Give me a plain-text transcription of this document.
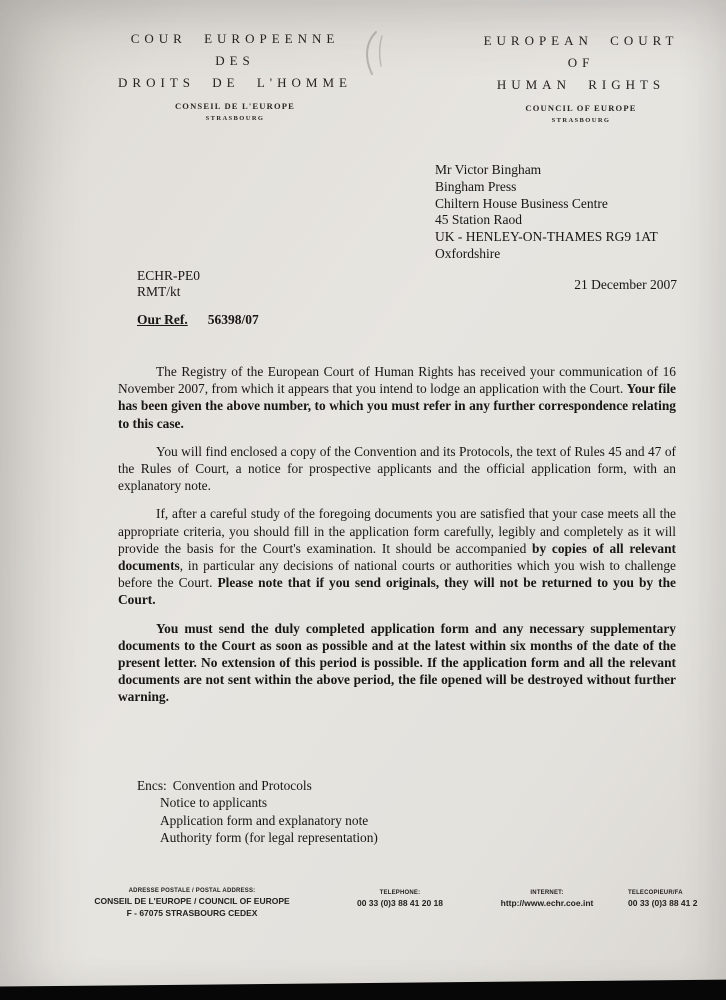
COUR EUROPEENNE
DES
DROITS DE L'HOMME
CONSEIL DE L'EUROPE
STRASBOURG
EUROPEAN COURT
OF
HUMAN RIGHTS
COUNCIL OF EUROPE
STRASBOURG
Mr Victor Bingham
Bingham Press
Chiltern House Business Centre
45 Station Raod
UK - HENLEY-ON-THAMES RG9 1AT
Oxfordshire
ECHR-PE0
RMT/kt	21 December 2007
Our Ref. 56398/07

The Registry of the European Court of Human Rights has received your communication of 16 November 2007, from which it appears that you intend to lodge an application with the Court. Your file has been given the above number, to which you must refer in any further correspondence relating to this case.

You will find enclosed a copy of the Convention and its Protocols, the text of Rules 45 and 47 of the Rules of Court, a notice for prospective applicants and the official application form, with an explanatory note.

If, after a careful study of the foregoing documents you are satisfied that your case meets all the appropriate criteria, you should fill in the application form carefully, legibly and completely as it will provide the basis for the Court's examination. It should be accompanied by copies of all relevant documents, in particular any decisions of national courts or authorities which you wish to challenge before the Court. Please note that if you send originals, they will not be returned to you by the Court.

You must send the duly completed application form and any necessary supplementary documents to the Court as soon as possible and at the latest within six months of the date of the present letter. No extension of this period is possible. If the application form and all the relevant documents are not sent within the above period, the file opened will be destroyed without further warning.

Encs: Convention and Protocols
Notice to applicants
Application form and explanatory note
Authority form (for legal representation)
ADRESSE POSTALE / POSTAL ADDRESS:
CONSEIL DE L'EUROPE / COUNCIL OF EUROPE
F - 67075 STRASBOURG CEDEX
TELEPHONE:
00 33 (0)3 88 41 20 18
INTERNET:
http://www.echr.coe.int
TELECOPIEUR/FA
00 33 (0)3 88 41 2
